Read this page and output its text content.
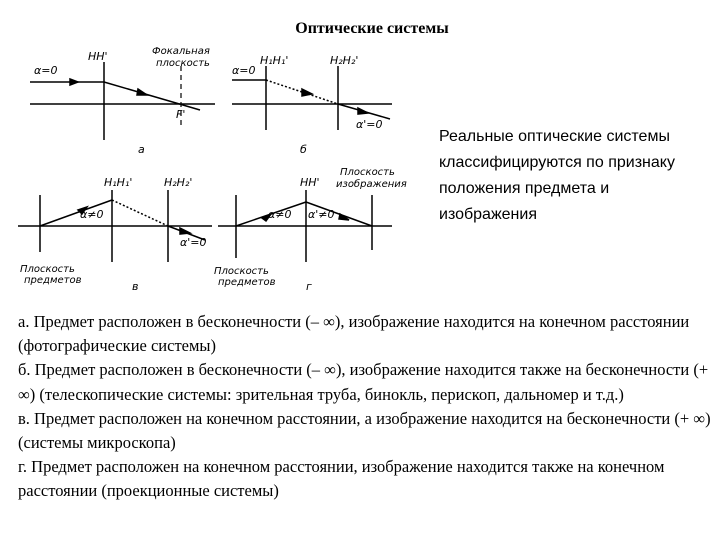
Оптические системы
α=0
HH'	Фокальная
плоскость
F'
а
α=0
H₁H₁'	H₂H₂'
α'=0
б
H₁H₁'	H₂H₂'
α≠0
α'=0
Плоскость
предметов	в
HH'
Плоскость
изображения
α≠0 α'≠0
Плоскость
предметов	г
Реальные оптические системы классифицируются по признаку положения предмета и изображения

а. Предмет расположен в бесконечности (– ∞), изображение находится на конечном расстоянии (фотографические системы)

б. Предмет расположен в бесконечности (– ∞), изображение находится также на бесконечности (+ ∞) (телескопические системы: зрительная труба, бинокль, перископ, дальномер и т.д.)

в. Предмет расположен на конечном расстоянии, а изображение находится на бесконечности (+ ∞) (системы микроскопа)

г. Предмет расположен на конечном расстоянии, изображение находится также на конечном расстоянии (проекционные системы)
